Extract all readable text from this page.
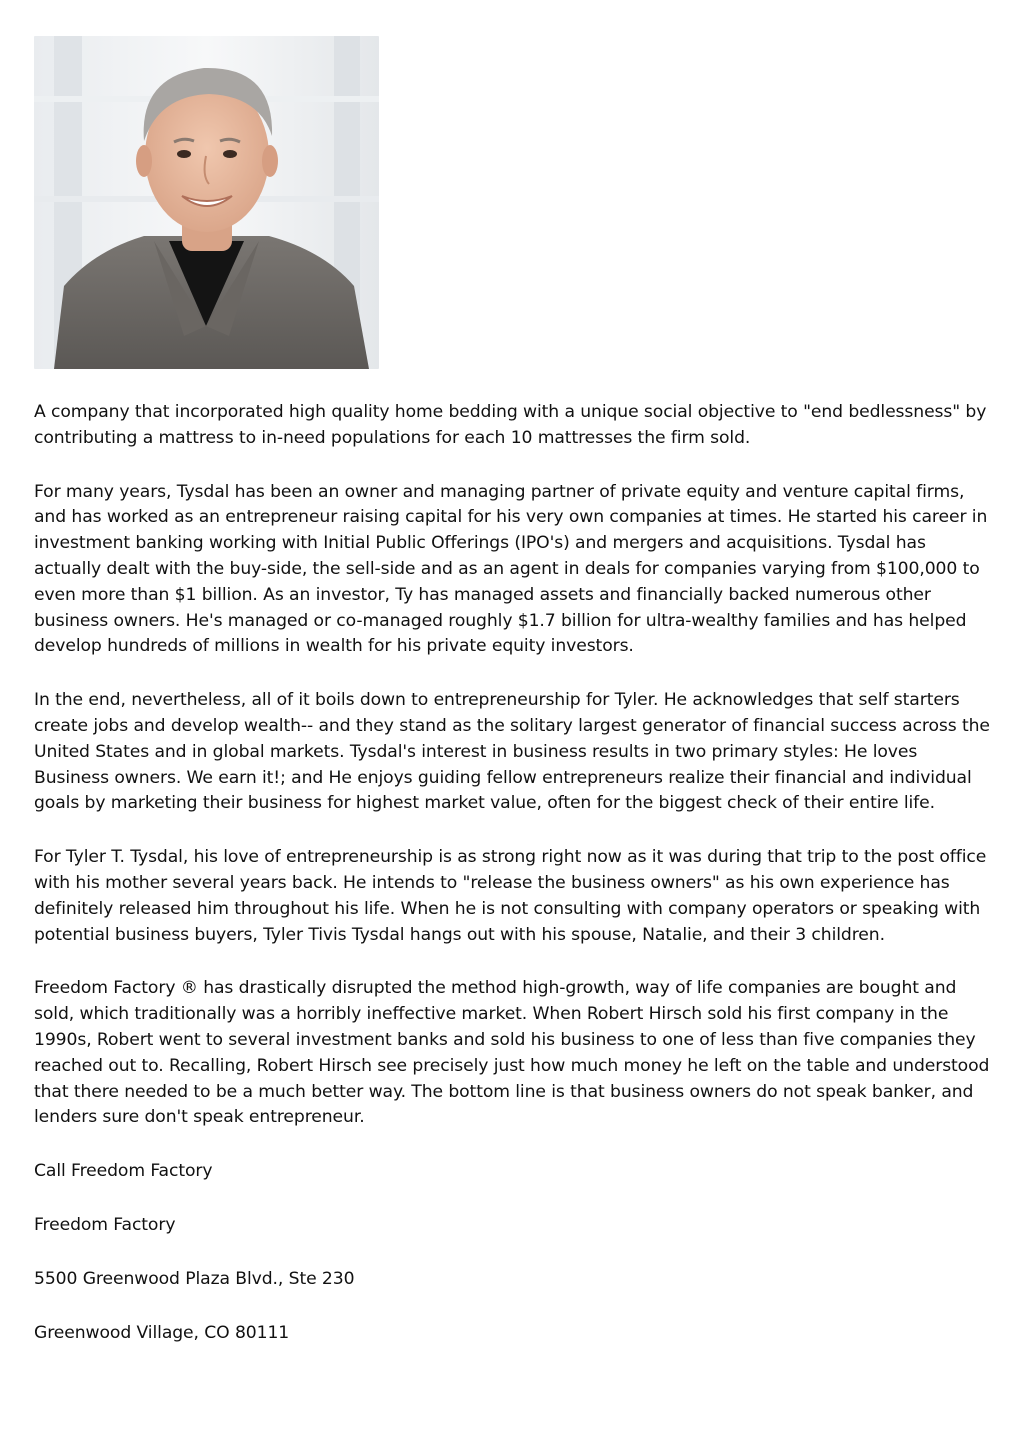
A company that incorporated high quality home bedding with a unique social objective to "end bedlessness" by contributing a mattress to in-need populations for each 10 mattresses the firm sold.

For many years, Tysdal has been an owner and managing partner of private equity and venture capital firms, and has worked as an entrepreneur raising capital for his very own companies at times. He started his career in investment banking working with Initial Public Offerings (IPO's) and mergers and acquisitions. Tysdal has actually dealt with the buy-side, the sell-side and as an agent in deals for companies varying from $100,000 to even more than $1 billion. As an investor, Ty has managed assets and financially backed numerous other business owners. He's managed or co-managed roughly $1.7 billion for ultra-wealthy families and has helped develop hundreds of millions in wealth for his private equity investors.

In the end, nevertheless, all of it boils down to entrepreneurship for Tyler. He acknowledges that self starters create jobs and develop wealth-- and they stand as the solitary largest generator of financial success across the United States and in global markets. Tysdal's interest in business results in two primary styles: He loves Business owners. We earn it!; and He enjoys guiding fellow entrepreneurs realize their financial and individual goals by marketing their business for highest market value, often for the biggest check of their entire life.

For Tyler T. Tysdal, his love of entrepreneurship is as strong right now as it was during that trip to the post office with his mother several years back. He intends to "release the business owners" as his own experience has definitely released him throughout his life. When he is not consulting with company operators or speaking with potential business buyers, Tyler Tivis Tysdal hangs out with his spouse, Natalie, and their 3 children.

Freedom Factory ® has drastically disrupted the method high-growth, way of life companies are bought and sold, which traditionally was a horribly ineffective market. When Robert Hirsch sold his first company in the 1990s, Robert went to several investment banks and sold his business to one of less than five companies they reached out to. Recalling, Robert Hirsch see precisely just how much money he left on the table and understood that there needed to be a much better way. The bottom line is that business owners do not speak banker, and lenders sure don't speak entrepreneur.

Call Freedom Factory

Freedom Factory

5500 Greenwood Plaza Blvd., Ste 230

Greenwood Village, CO 80111
